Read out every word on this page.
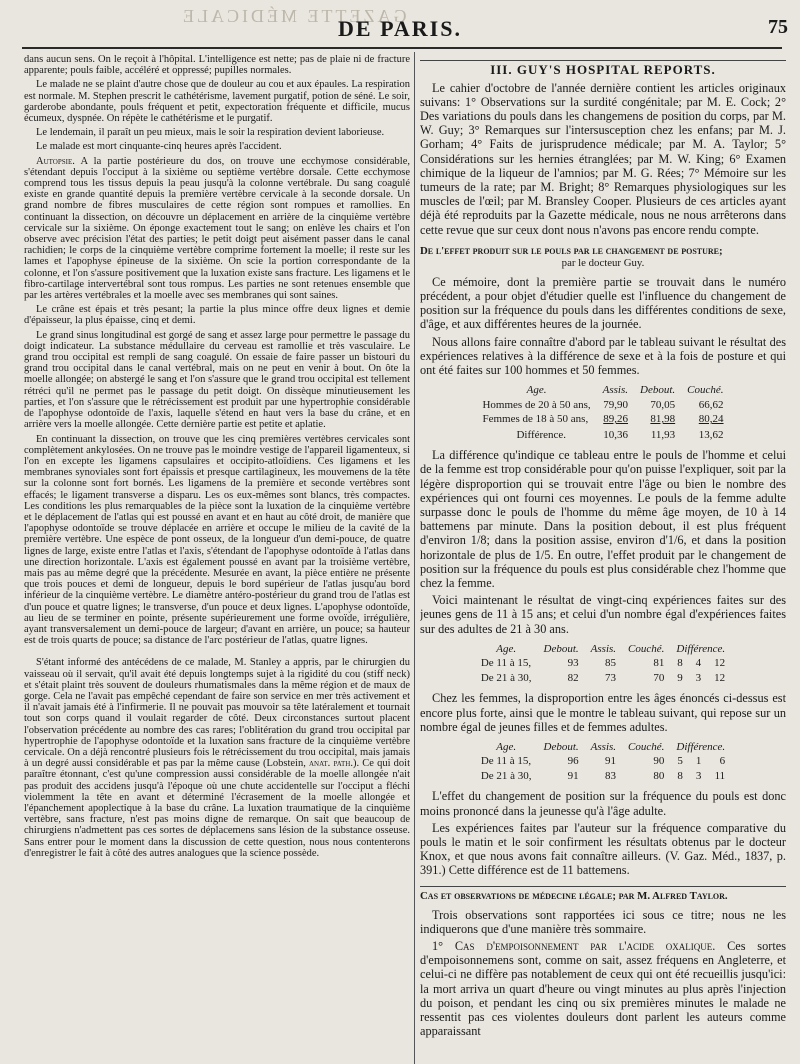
GAZETTE MÉDICALE
DE PARIS.	75

dans aucun sens. On le reçoit à l'hôpital. L'intelligence est nette; pas de plaie ni de fracture apparente; pouls faible, accéléré et oppressé; pupilles normales.

Le malade ne se plaint d'autre chose que de douleur au cou et aux épaules. La respiration est normale. M. Stephen prescrit le cathétérisme, lavement purgatif, potion de séné. Le soir, garderobe abondante, pouls fréquent et petit, expectoration fréquente et difficile, mucus écumeux, dyspnée. On répète le cathétérisme et le purgatif.

Le lendemain, il paraît un peu mieux, mais le soir la respiration devient laborieuse.

Le malade est mort cinquante-cinq heures après l'accident.

Autopsie. A la partie postérieure du dos, on trouve une ecchymose considérable, s'étendant depuis l'occiput à la sixième ou septième vertèbre dorsale. Cette ecchymose comprend tous les tissus depuis la peau jusqu'à la colonne vertébrale. Du sang coagulé existe en grande quantité depuis la première vertèbre cervicale à la seconde dorsale. Un grand nombre de fibres musculaires de cette région sont rompues et ramollies. En continuant la dissection, on découvre un déplacement en arrière de la cinquième vertèbre cervicale sur la sixième. On éponge exactement tout le sang; on enlève les chairs et l'on observe avec précision l'état des parties; le petit doigt peut aisément passer dans le canal rachidien; le corps de la cinquième vertèbre comprime fortement la moelle; il reste sur les lames et l'apophyse épineuse de la sixième. On scie la portion correspondante de la colonne, et l'on s'assure positivement que la luxation existe sans fracture. Les ligamens et le fibro-cartilage intervertébral sont tous rompus. Les parties ne sont retenues ensemble que par les artères vertébrales et la moelle avec ses membranes qui sont saines.

Le crâne est épais et très pesant; la partie la plus mince offre deux lignes et demie d'épaisseur, la plus épaisse, cinq et demi.

Le grand sinus longitudinal est gorgé de sang et assez large pour permettre le passage du doigt indicateur. La substance médullaire du cerveau est ramollie et très vasculaire. Le grand trou occipital est rempli de sang coagulé. On essaie de faire passer un bistouri du grand trou occipital dans le canal vertébral, mais on ne peut en venir à bout. On ôte la moelle allongée; on abstergé le sang et l'on s'assure que le grand trou occipital est tellement rétréci qu'il ne permet pas le passage du petit doigt. On dissèque minutieusement les parties, et l'on s'assure que le rétrécissement est produit par une hypertrophie considérable de l'apophyse odontoïde de l'axis, laquelle s'étend en haut vers la base du crâne, et en arrière vers la moelle allongée. Cette dernière partie est petite et aplatie.

En continuant la dissection, on trouve que les cinq premières vertèbres cervicales sont complètement ankylosées. On ne trouve pas le moindre vestige de l'appareil ligamenteux, si l'on en excepte les ligamens capsulaires et occipito-atloïdiens. Ces ligamens et les membranes synoviales sont fort épaissis et presque cartilagineux, les mouvemens de la tête sur la colonne sont fort bornés. Les ligamens de la première et seconde vertèbres sont effacés; le ligament transverse a disparu. Les os eux-mêmes sont blancs, très compactes. Les conditions les plus remarquables de la pièce sont la luxation de la cinquième vertèbre et le déplacement de l'atlas qui est poussé en avant et en haut au côté droit, de manière que l'apophyse odontoïde se trouve déplacée en arrière et occupe le milieu de la cavité de la première vertèbre. Une espèce de pont osseux, de la longueur d'un demi-pouce, de quatre lignes de large, existe entre l'atlas et l'axis, s'étendant de l'apophyse odontoïde à l'atlas dans une direction horizontale. L'axis est également poussé en avant par la troisième vertèbre, mais pas au même degré que la précédente. Mesurée en avant, la pièce entière ne présente que trois pouces et demi de longueur, depuis le bord supérieur de l'atlas jusqu'au bord inférieur de la cinquième vertèbre. Le diamètre antéro-postérieur du grand trou de l'atlas est d'un pouce et quatre lignes; le transverse, d'un pouce et deux lignes. L'apophyse odontoïde, au lieu de se terminer en pointe, présente supérieurement une forme ovoïde, irrégulière, ayant transversalement un demi-pouce de largeur; d'avant en arrière, un pouce; sa hauteur est de trois quarts de pouce; sa distance de l'arc postérieur de l'atlas, quatre lignes.

S'étant informé des antécédens de ce malade, M. Stanley a appris, par le chirurgien du vaisseau où il servait, qu'il avait été depuis longtemps sujet à la rigidité du cou (stiff neck) et s'était plaint très souvent de douleurs rhumatismales dans la même région et de maux de gorge. Cela ne l'avait pas empêché cependant de faire son service en mer très activement et il n'avait jamais été à l'infirmerie. Il ne pouvait pas mouvoir sa tête latéralement et tournait tout son corps quand il voulait regarder de côté. Deux circonstances surtout placent l'observation précédente au nombre des cas rares; l'oblitération du grand trou occipital par hypertrophie de l'apophyse odontoïde et la luxation sans fracture de la cinquième vertèbre cervicale. On a déjà rencontré plusieurs fois le rétrécissement du trou occipital, mais jamais à un degré aussi considérable et pas par la même cause (Lobstein, anat. path.). Ce qui doit paraître étonnant, c'est qu'une compression aussi considérable de la moelle allongée n'ait pas produit des accidens jusqu'à l'époque où une chute accidentelle sur l'occiput a fléchi violemment la tête en avant et déterminé l'écrasement de la moelle allongée et l'épanchement apoplectique à la base du crâne. La luxation traumatique de la cinquième vertèbre, sans fracture, n'est pas moins digne de remarque. On sait que beaucoup de chirurgiens n'admettent pas ces sortes de déplacemens sans lésion de la substance osseuse. Sans entrer pour le moment dans la discussion de cette question, nous nous contenterons d'enregistrer le fait à côté des autres analogues que la science possède.

III. GUY'S HOSPITAL REPORTS.

Le cahier d'octobre de l'année dernière contient les articles originaux suivans: 1° Observations sur la surdité congénitale; par M. E. Cock; 2° Des variations du pouls dans les changemens de position du corps, par M. W. Guy; 3° Remarques sur l'intersusception chez les enfans; par M. J. Gorham; 4° Faits de jurisprudence médicale; par M. A. Taylor; 5° Considérations sur les hernies étranglées; par M. W. King; 6° Examen chimique de la liqueur de l'amnios; par M. G. Rées; 7° Mémoire sur les tumeurs de la rate; par M. Bright; 8° Remarques physiologiques sur les muscles de l'œil; par M. Bransley Cooper. Plusieurs de ces articles ayant déjà été reproduits par la Gazette médicale, nous ne nous arrêterons dans cette revue que sur ceux dont nous n'avons pas encore rendu compte.

De l'effet produit sur le pouls par le changement de posture;
par le docteur Guy.

Ce mémoire, dont la première partie se trouvait dans le numéro précédent, a pour objet d'étudier quelle est l'influence du changement de position sur la fréquence du pouls dans les différentes conditions de sexe, d'âge, et aux différentes heures de la journée.

Nous allons faire connaître d'abord par le tableau suivant le résultat des expériences relatives à la différence de sexe et à la fois de posture et qui ont été faites sur 100 hommes et 50 femmes.

Age.	Assis.	Debout.	Couché.
Hommes de 20 à 50 ans,	79,90	70,05	66,62
Femmes de 18 à 50 ans,	89,26	81,98	80,24
Différence.	10,36	11,93	13,62

La différence qu'indique ce tableau entre le pouls de l'homme et celui de la femme est trop considérable pour qu'on puisse l'expliquer, soit par la légère disproportion qui se trouvait entre l'âge ou bien le nombre des expériences qui ont fourni ces moyennes. Le pouls de la femme adulte surpasse donc le pouls de l'homme du même âge moyen, de 10 à 14 battemens par minute. Dans la position debout, il est plus fréquent d'environ 1/8; dans la position assise, environ d'1/6, et dans la position horizontale de plus de 1/5. En outre, l'effet produit par le changement de position sur la fréquence du pouls est plus considérable chez l'homme que chez la femme.

Voici maintenant le résultat de vingt-cinq expériences faites sur des jeunes gens de 11 à 15 ans; et celui d'un nombre égal d'expériences faites sur des adultes de 21 à 30 ans.

Age.	Debout.	Assis.	Couché.	Différence.		
De 11 à 15,	93	85	81	8	4	12
De 21 à 30,	82	73	70	9	3	12

Chez les femmes, la disproportion entre les âges énoncés ci-dessus est encore plus forte, ainsi que le montre le tableau suivant, qui repose sur un nombre égal de jeunes filles et de femmes adultes.

Age.	Debout.	Assis.	Couché.	Différence.		
De 11 à 15,	96	91	90	5	1	6
De 21 à 30,	91	83	80	8	3	11

L'effet du changement de position sur la fréquence du pouls est donc moins prononcé dans la jeunesse qu'à l'âge adulte.

Les expériences faites par l'auteur sur la fréquence comparative du pouls le matin et le soir confirment les résultats obtenus par le docteur Knox, et que nous avons fait connaître ailleurs. (V. Gaz. Méd., 1837, p. 391.) Cette différence est de 11 battemens.

Cas et observations de médecine légale; par M. Alfred Taylor.

Trois observations sont rapportées ici sous ce titre; nous ne les indiquerons que d'une manière très sommaire.

1° Cas d'empoisonnement par l'acide oxalique. Ces sortes d'empoisonnemens sont, comme on sait, assez fréquens en Angleterre, et celui-ci ne diffère pas notablement de ceux qui ont été recueillis jusqu'ici: la mort arriva un quart d'heure ou vingt minutes au plus après l'injection du poison, et pendant les cinq ou six premières minutes le malade ne ressentit pas ces violentes douleurs dont parlent les auteurs comme apparaissant
